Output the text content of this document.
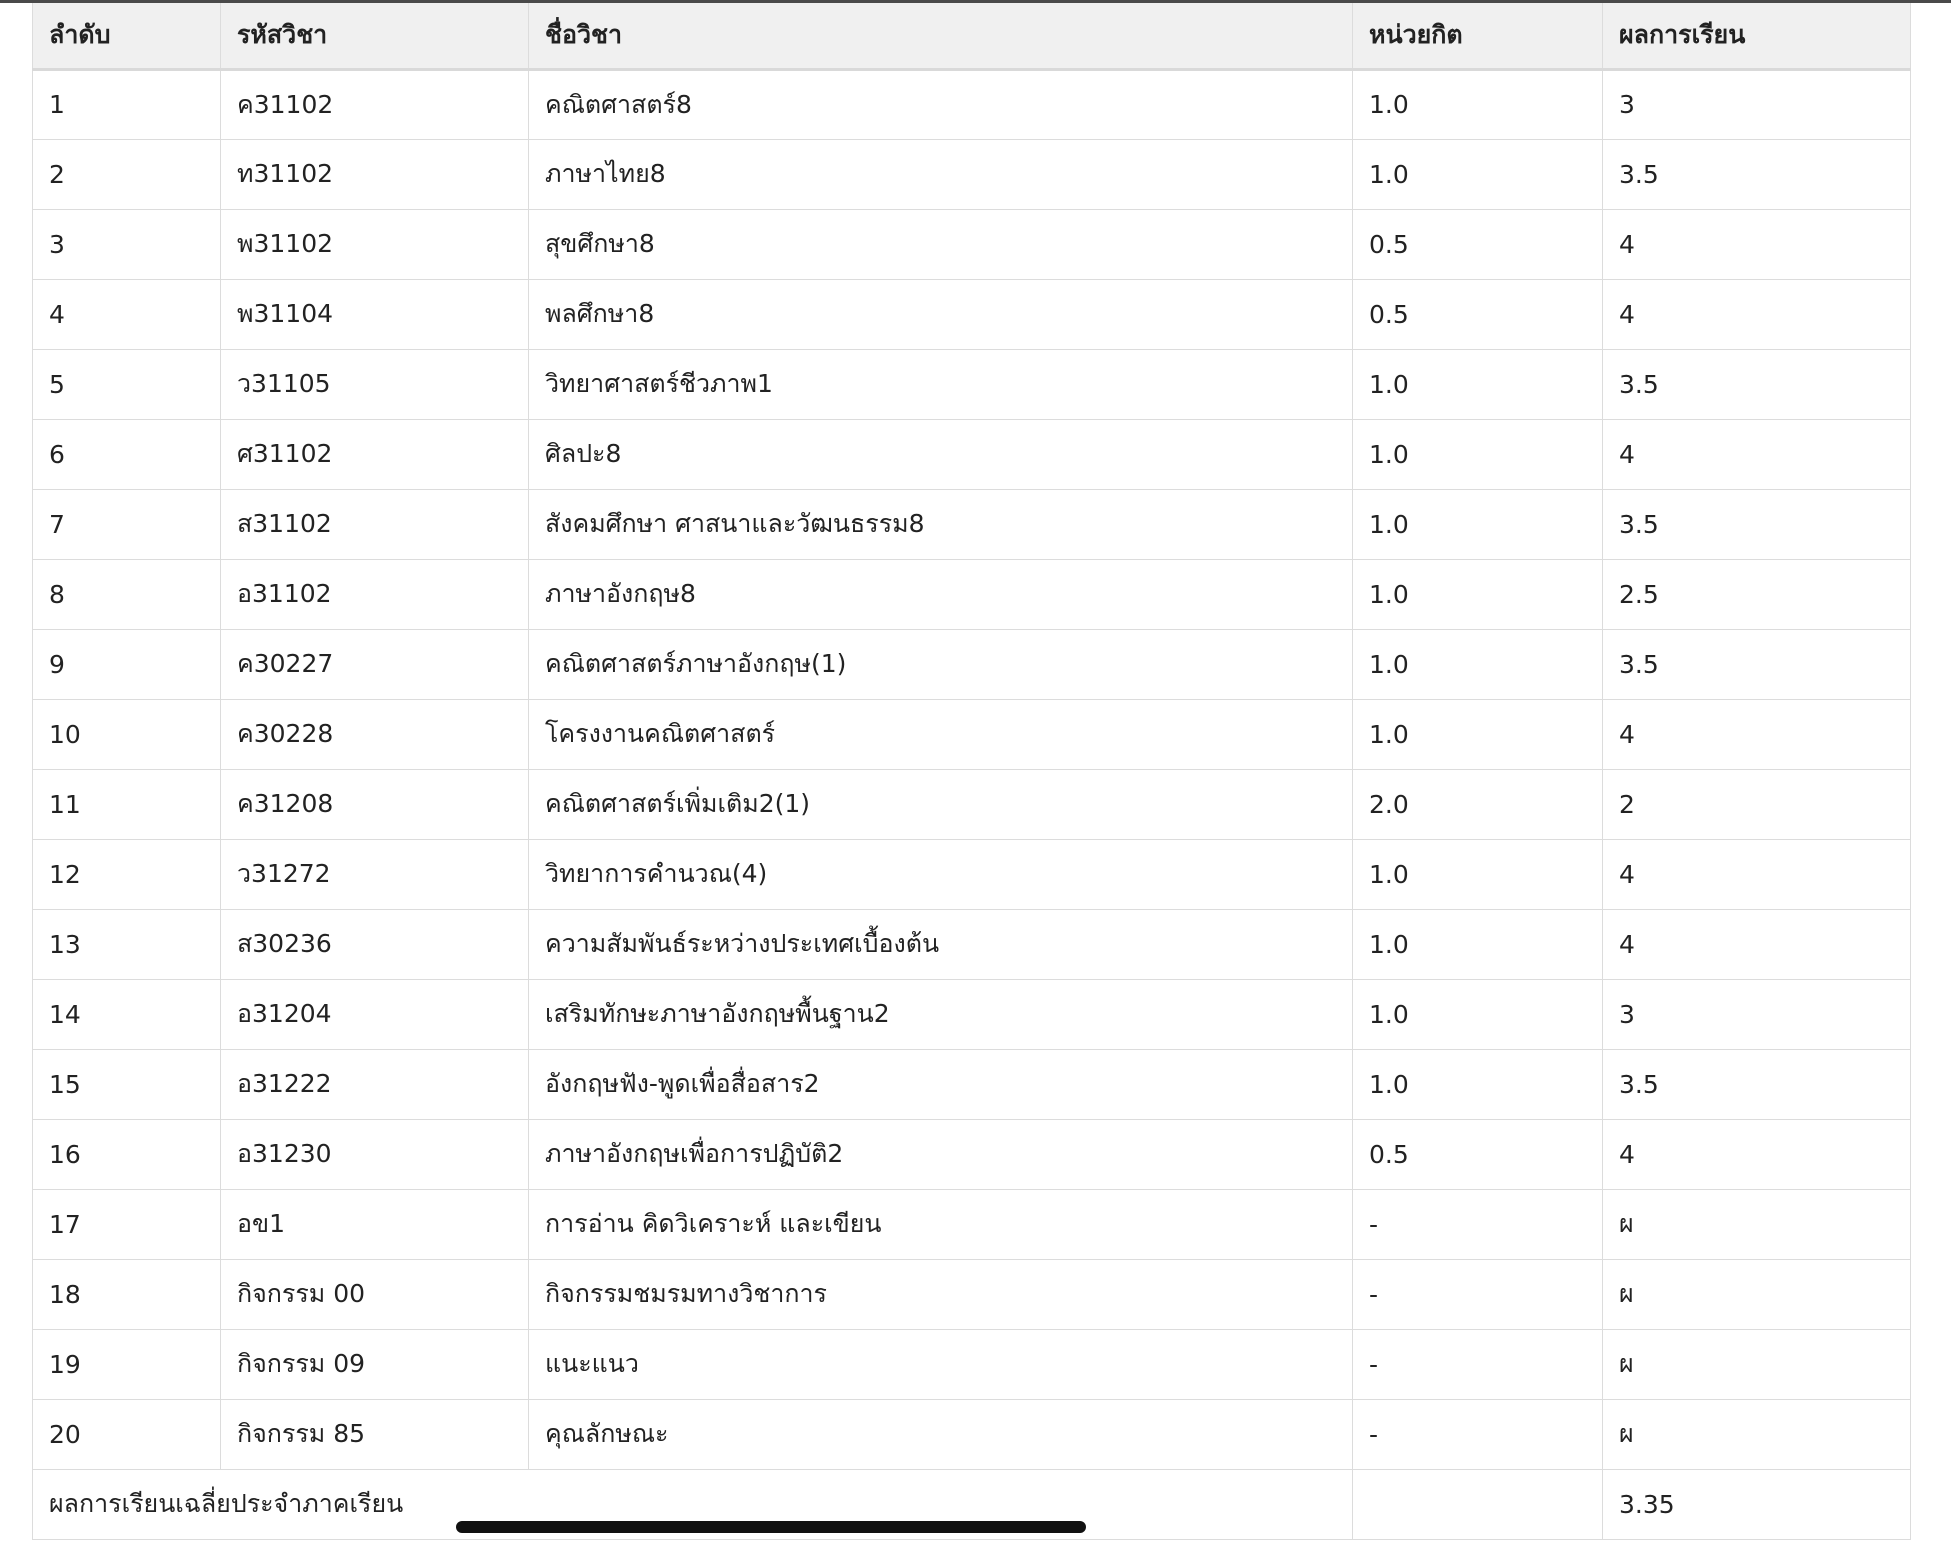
ลำดับ	รหัสวิชา	ชื่อวิชา	หน่วยกิต	ผลการเรียน
1	ค31102	คณิตศาสตร์8	1.0	3
2	ท31102	ภาษาไทย8	1.0	3.5
3	พ31102	สุขศึกษา8	0.5	4
4	พ31104	พลศึกษา8	0.5	4
5	ว31105	วิทยาศาสตร์ชีวภาพ1	1.0	3.5
6	ศ31102	ศิลปะ8	1.0	4
7	ส31102	สังคมศึกษา ศาสนาและวัฒนธรรม8	1.0	3.5
8	อ31102	ภาษาอังกฤษ8	1.0	2.5
9	ค30227	คณิตศาสตร์ภาษาอังกฤษ(1)	1.0	3.5
10	ค30228	โครงงานคณิตศาสตร์	1.0	4
11	ค31208	คณิตศาสตร์เพิ่มเติม2(1)	2.0	2
12	ว31272	วิทยาการคำนวณ(4)	1.0	4
13	ส30236	ความสัมพันธ์ระหว่างประเทศเบื้องต้น	1.0	4
14	อ31204	เสริมทักษะภาษาอังกฤษพื้นฐาน2	1.0	3
15	อ31222	อังกฤษฟัง-พูดเพื่อสื่อสาร2	1.0	3.5
16	อ31230	ภาษาอังกฤษเพื่อการปฏิบัติ2	0.5	4
17	อข1	การอ่าน คิดวิเคราะห์ และเขียน	-	ผ
18	กิจกรรม 00	กิจกรรมชมรมทางวิชาการ	-	ผ
19	กิจกรรม 09	แนะแนว	-	ผ
20	กิจกรรม 85	คุณลักษณะ	-	ผ
ผลการเรียนเฉลี่ยประจำภาคเรียน				3.35
